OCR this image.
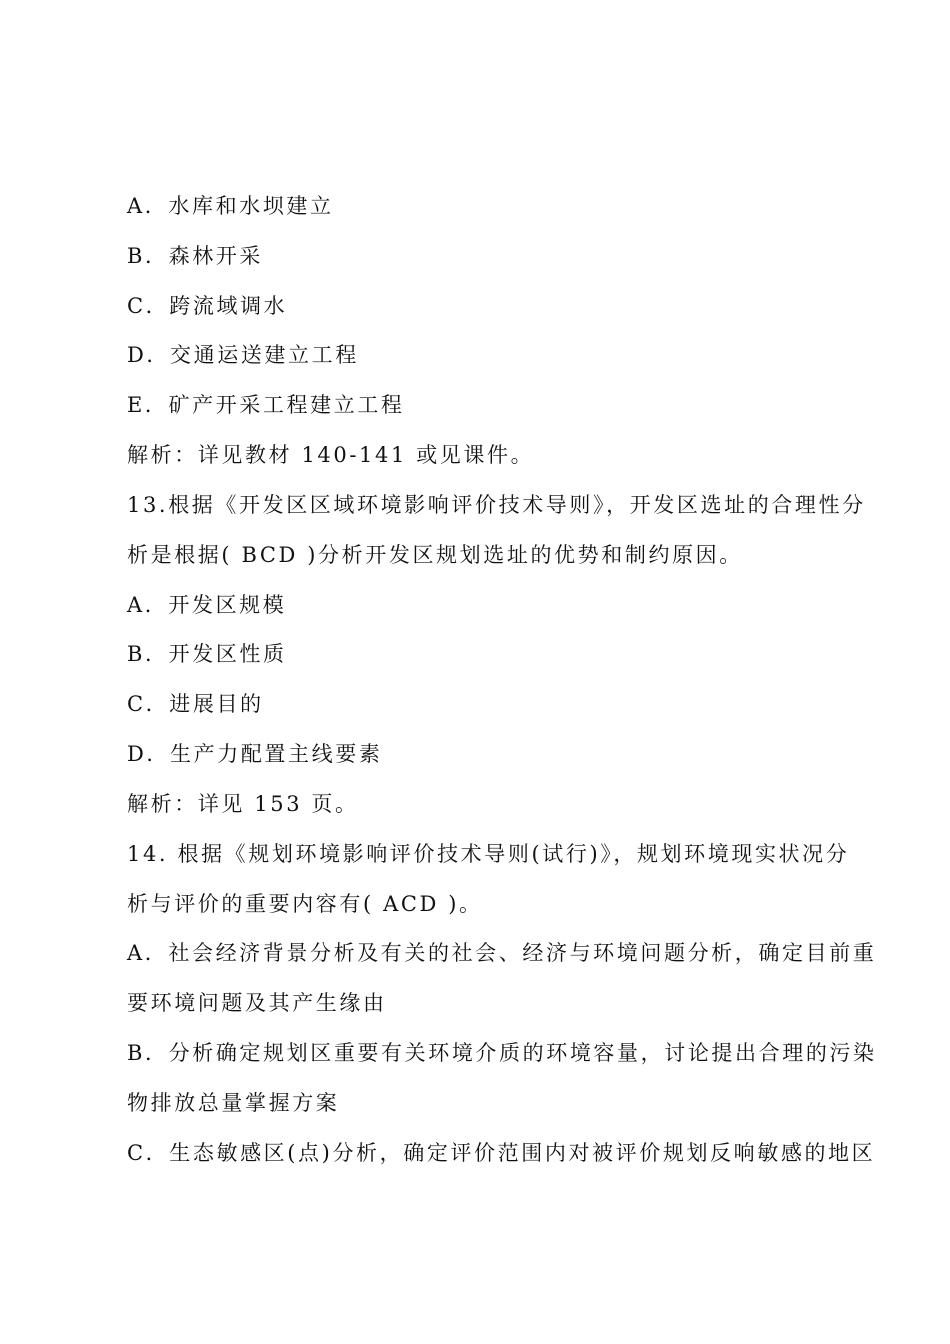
A．水库和水坝建立
B．森林开采
C．跨流域调水
D．交通运送建立工程
E．矿产开采工程建立工程
解析：详见教材 140-141 或见课件。
13.根据《开发区区域环境影响评价技术导则》，开发区选址的合理性分
析是根据( BCD )分析开发区规划选址的优势和制约原因。
A．开发区规模
B．开发区性质
C．进展目的
D．生产力配置主线要素
解析：详见 153 页。
14. 根据《规划环境影响评价技术导则(试行)》，规划环境现实状况分
析与评价的重要内容有( ACD )。
A．社会经济背景分析及有关的社会、经济与环境问题分析，确定目前重
要环境问题及其产生缘由
B．分析确定规划区重要有关环境介质的环境容量，讨论提出合理的污染
物排放总量掌握方案
C．生态敏感区(点)分析，确定评价范围内对被评价规划反响敏感的地区
